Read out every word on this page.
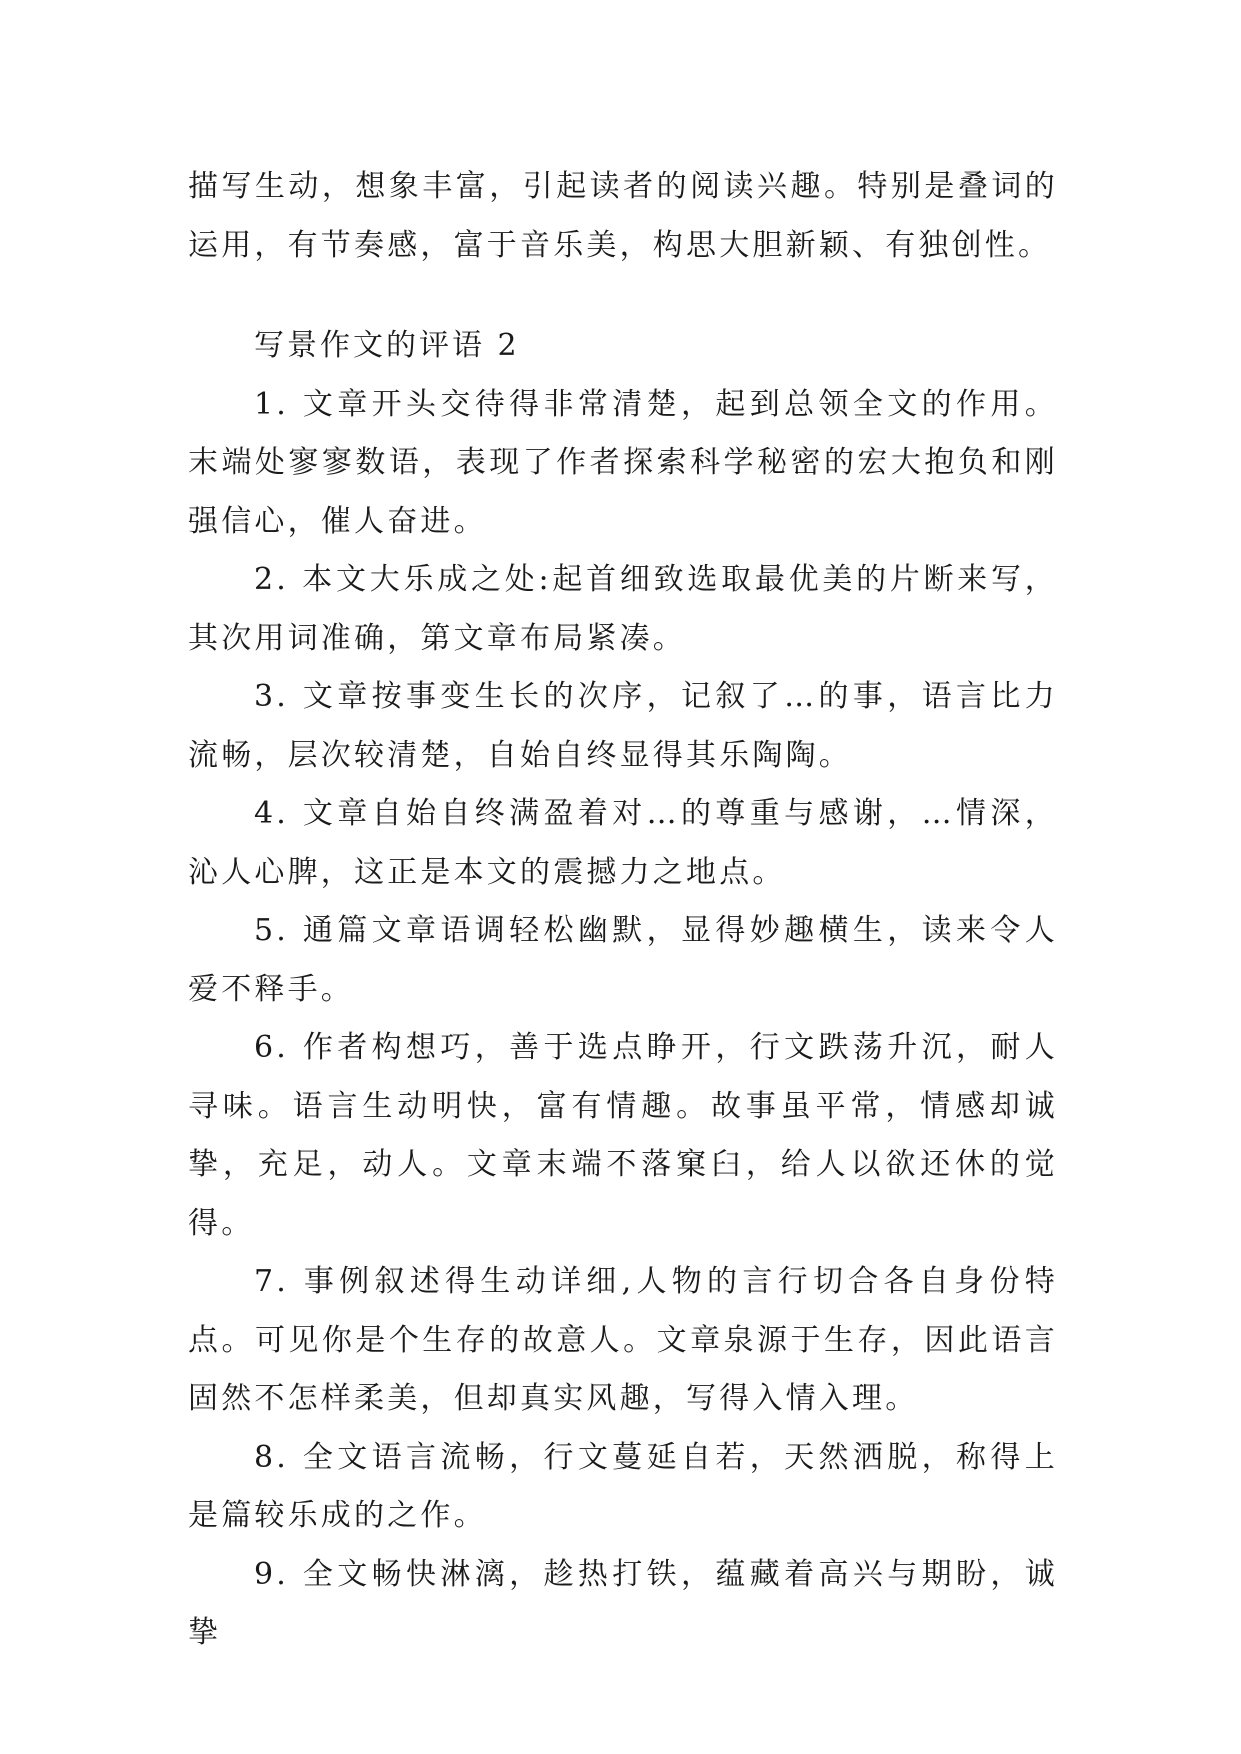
描写生动，想象丰富，引起读者的阅读兴趣。特别是叠词的运用，有节奏感，富于音乐美，构思大胆新颖、有独创性。

写景作文的评语 2

1. 文章开头交待得非常清楚，起到总领全文的作用。末端处寥寥数语，表现了作者探索科学秘密的宏大抱负和刚强信心，催人奋进。

2. 本文大乐成之处:起首细致选取最优美的片断来写，其次用词准确，第文章布局紧凑。

3. 文章按事变生长的次序，记叙了…的事，语言比力流畅，层次较清楚，自始自终显得其乐陶陶。

4. 文章自始自终满盈着对…的尊重与感谢，…情深，沁人心脾，这正是本文的震撼力之地点。

5. 通篇文章语调轻松幽默，显得妙趣横生，读来令人爱不释手。

6. 作者构想巧，善于选点睁开，行文跌荡升沉，耐人寻味。语言生动明快，富有情趣。故事虽平常，情感却诚挚，充足，动人。文章末端不落窠臼，给人以欲还休的觉得。

7. 事例叙述得生动详细,人物的言行切合各自身份特点。可见你是个生存的故意人。文章泉源于生存，因此语言固然不怎样柔美，但却真实风趣，写得入情入理。

8. 全文语言流畅，行文蔓延自若，天然洒脱，称得上是篇较乐成的之作。

9. 全文畅快淋漓，趁热打铁，蕴藏着高兴与期盼，诚挚
